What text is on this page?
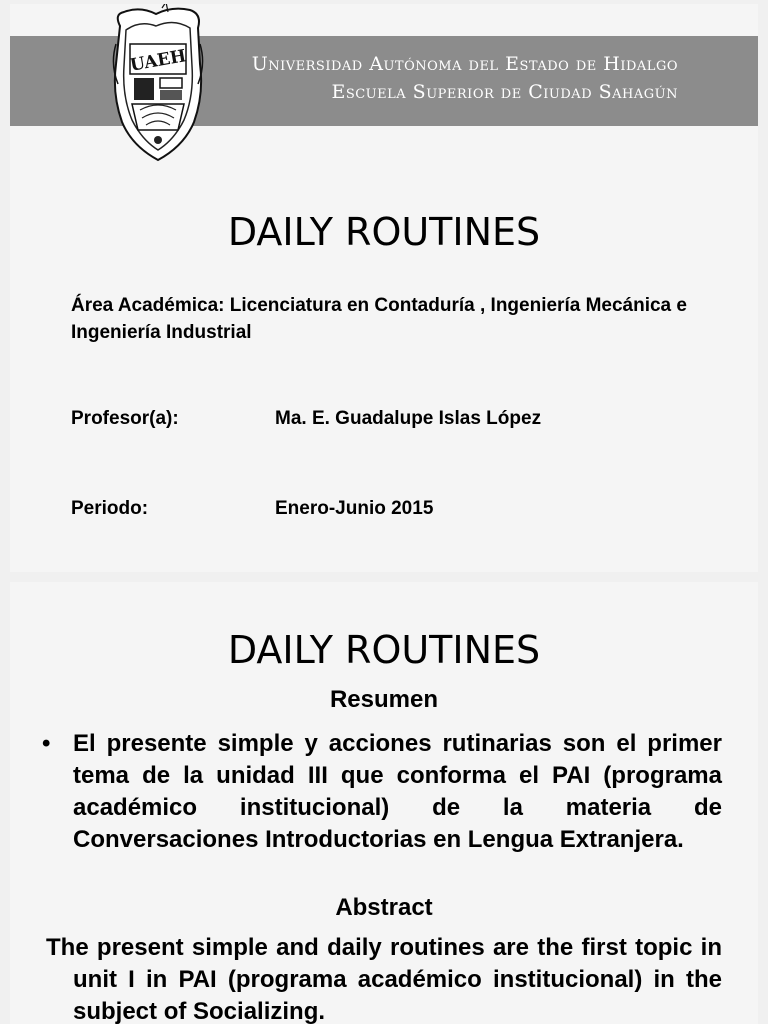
Universidad Autónoma del Estado de Hidalgo
Escuela Superior de Ciudad Sahagún
UAEH
DAILY ROUTINES
Área Académica: Licenciatura en Contaduría , Ingeniería Mecánica e Ingeniería Industrial
Profesor(a):	Ma. E. Guadalupe Islas López
Periodo:	Enero-Junio 2015
DAILY ROUTINES
Resumen
• El presente simple y acciones rutinarias son el primer tema de la unidad III que conforma el PAI (programa académico institucional) de la materia de Conversaciones Introductorias en Lengua Extranjera.
Abstract
The present simple and daily routines are the first topic in unit I in PAI (programa académico institucional) in the subject of Socializing.
